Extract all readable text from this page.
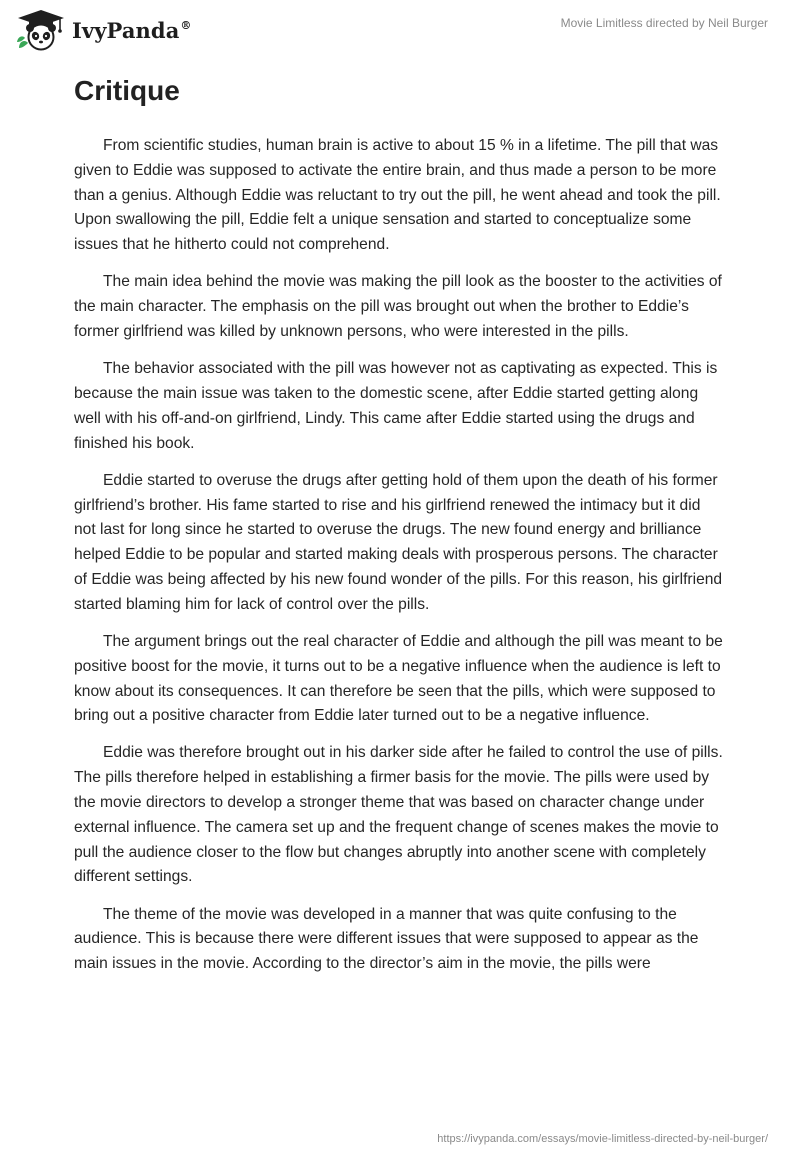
IvyPanda®	Movie Limitless directed by Neil Burger
Critique

From scientific studies, human brain is active to about 15 % in a lifetime. The pill that was given to Eddie was supposed to activate the entire brain, and thus made a person to be more than a genius. Although Eddie was reluctant to try out the pill, he went ahead and took the pill. Upon swallowing the pill, Eddie felt a unique sensation and started to conceptualize some issues that he hitherto could not comprehend.

The main idea behind the movie was making the pill look as the booster to the activities of the main character. The emphasis on the pill was brought out when the brother to Eddie’s former girlfriend was killed by unknown persons, who were interested in the pills.

The behavior associated with the pill was however not as captivating as expected. This is because the main issue was taken to the domestic scene, after Eddie started getting along well with his off-and-on girlfriend, Lindy. This came after Eddie started using the drugs and finished his book.

Eddie started to overuse the drugs after getting hold of them upon the death of his former girlfriend’s brother. His fame started to rise and his girlfriend renewed the intimacy but it did not last for long since he started to overuse the drugs. The new found energy and brilliance helped Eddie to be popular and started making deals with prosperous persons. The character of Eddie was being affected by his new found wonder of the pills. For this reason, his girlfriend started blaming him for lack of control over the pills.

The argument brings out the real character of Eddie and although the pill was meant to be positive boost for the movie, it turns out to be a negative influence when the audience is left to know about its consequences. It can therefore be seen that the pills, which were supposed to bring out a positive character from Eddie later turned out to be a negative influence.

Eddie was therefore brought out in his darker side after he failed to control the use of pills. The pills therefore helped in establishing a firmer basis for the movie. The pills were used by the movie directors to develop a stronger theme that was based on character change under external influence. The camera set up and the frequent change of scenes makes the movie to pull the audience closer to the flow but changes abruptly into another scene with completely different settings.

The theme of the movie was developed in a manner that was quite confusing to the audience. This is because there were different issues that were supposed to appear as the main issues in the movie. According to the director’s aim in the movie, the pills were

https://ivypanda.com/essays/movie-limitless-directed-by-neil-burger/
